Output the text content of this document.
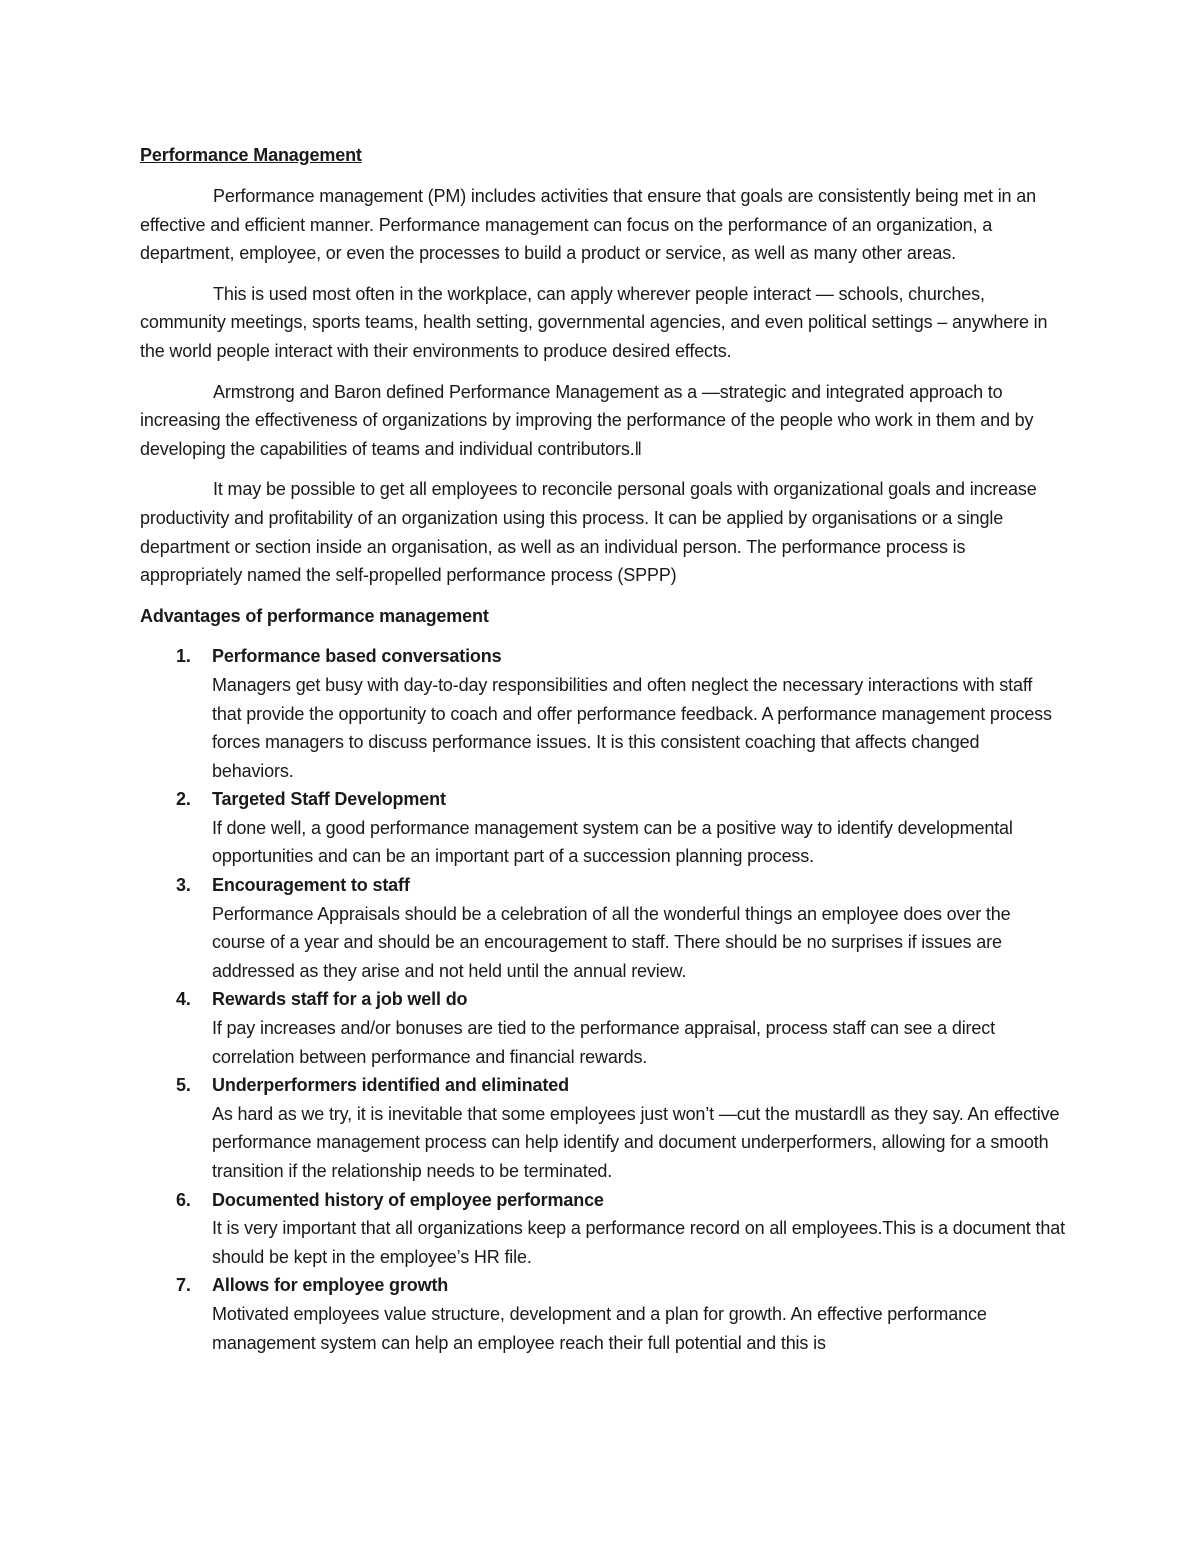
Performance Management

Performance management (PM) includes activities that ensure that goals are consistently being met in an effective and efficient manner. Performance management can focus on the performance of an organization, a department, employee, or even the processes to build a product or service, as well as many other areas.

This is used most often in the workplace, can apply wherever people interact — schools, churches, community meetings, sports teams, health setting, governmental agencies, and even political settings – anywhere in the world people interact with their environments to produce desired effects.

Armstrong and Baron defined Performance Management as a ―strategic and integrated approach to increasing the effectiveness of organizations by improving the performance of the people who work in them and by developing the capabilities of teams and individual contributors.‖

It may be possible to get all employees to reconcile personal goals with organizational goals and increase productivity and profitability of an organization using this process. It can be applied by organisations or a single department or section inside an organisation, as well as an individual person. The performance process is appropriately named the self-propelled performance process (SPPP)

Advantages of performance management
1. Performance based conversations
Managers get busy with day-to-day responsibilities and often neglect the necessary interactions with staff that provide the opportunity to coach and offer performance feedback. A performance management process forces managers to discuss performance issues. It is this consistent coaching that affects changed behaviors.
2. Targeted Staff Development
If done well, a good performance management system can be a positive way to identify developmental opportunities and can be an important part of a succession planning process.
3. Encouragement to staff
Performance Appraisals should be a celebration of all the wonderful things an employee does over the course of a year and should be an encouragement to staff. There should be no surprises if issues are addressed as they arise and not held until the annual review.
4. Rewards staff for a job well do
If pay increases and/or bonuses are tied to the performance appraisal, process staff can see a direct correlation between performance and financial rewards.
5. Underperformers identified and eliminated
As hard as we try, it is inevitable that some employees just won’t ―cut the mustard‖ as they say. An effective performance management process can help identify and document underperformers, allowing for a smooth transition if the relationship needs to be terminated.
6. Documented history of employee performance
It is very important that all organizations keep a performance record on all employees.This is a document that should be kept in the employee’s HR file.
7. Allows for employee growth
Motivated employees value structure, development and a plan for growth. An effective performance management system can help an employee reach their full potential and this is
